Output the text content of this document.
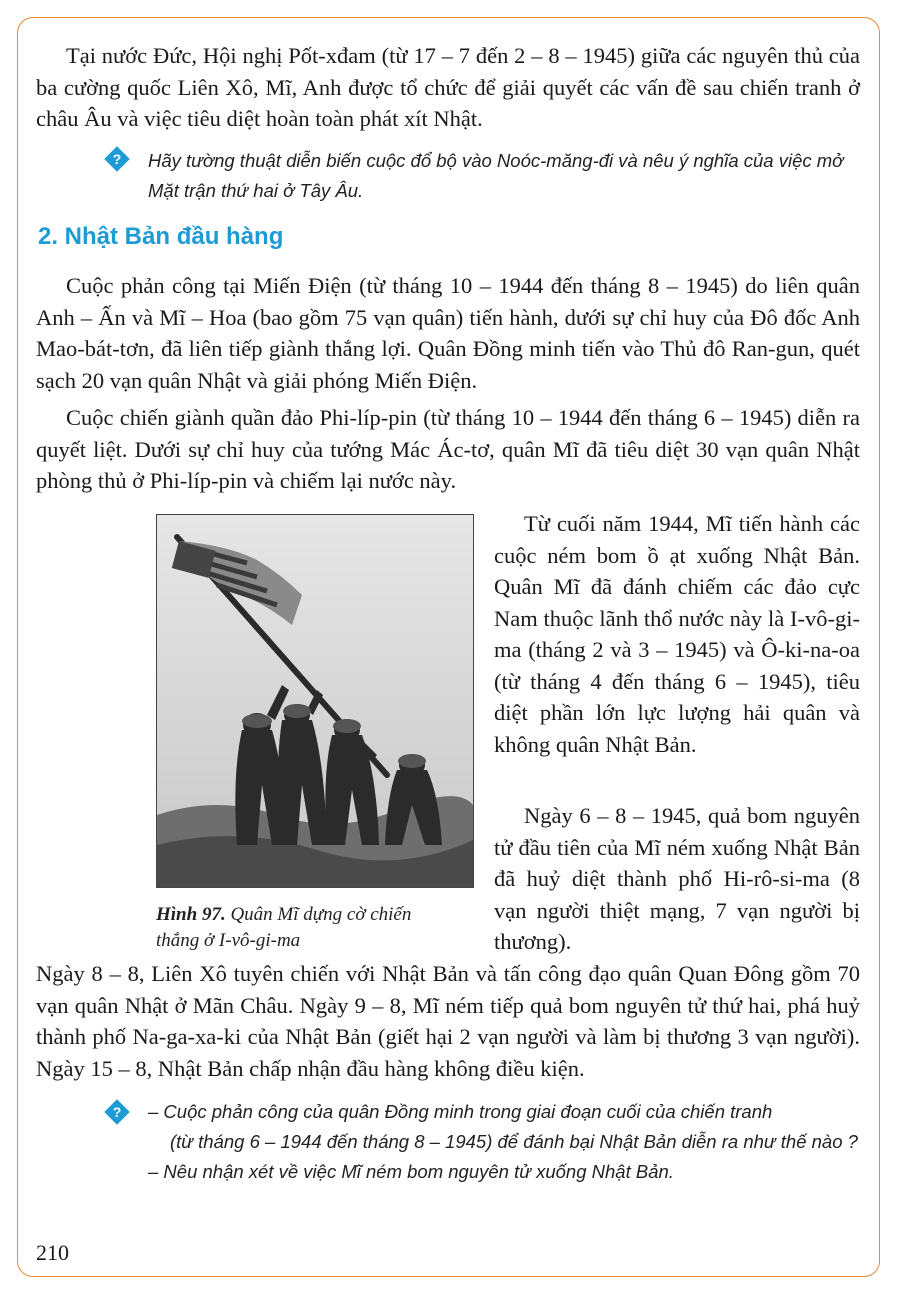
Tại nước Đức, Hội nghị Pốt-xđam (từ 17 – 7 đến 2 – 8 – 1945) giữa các nguyên thủ của ba cường quốc Liên Xô, Mĩ, Anh được tổ chức để giải quyết các vấn đề sau chiến tranh ở châu Âu và việc tiêu diệt hoàn toàn phát xít Nhật.

? Hãy tường thuật diễn biến cuộc đổ bộ vào Noóc-măng-đi và nêu ý nghĩa của việc mở Mặt trận thứ hai ở Tây Âu.

2. Nhật Bản đầu hàng

Cuộc phản công tại Miến Điện (từ tháng 10 – 1944 đến tháng 8 – 1945) do liên quân Anh – Ấn và Mĩ – Hoa (bao gồm 75 vạn quân) tiến hành, dưới sự chỉ huy của Đô đốc Anh Mao-bát-tơn, đã liên tiếp giành thắng lợi. Quân Đồng minh tiến vào Thủ đô Ran-gun, quét sạch 20 vạn quân Nhật và giải phóng Miến Điện.

Cuộc chiến giành quần đảo Phi-líp-pin (từ tháng 10 – 1944 đến tháng 6 – 1945) diễn ra quyết liệt. Dưới sự chỉ huy của tướng Mác Ác-tơ, quân Mĩ đã tiêu diệt 30 vạn quân Nhật phòng thủ ở Phi-líp-pin và chiếm lại nước này.

Hình 97. Quân Mĩ dựng cờ chiến thắng ở I-vô-gi-ma

Từ cuối năm 1944, Mĩ tiến hành các cuộc ném bom ồ ạt xuống Nhật Bản. Quân Mĩ đã đánh chiếm các đảo cực Nam thuộc lãnh thổ nước này là I-vô-gi-ma (tháng 2 và 3 – 1945) và Ô-ki-na-oa (từ tháng 4 đến tháng 6 – 1945), tiêu diệt phần lớn lực lượng hải quân và không quân Nhật Bản.

Ngày 6 – 8 – 1945, quả bom nguyên tử đầu tiên của Mĩ ném xuống Nhật Bản đã huỷ diệt thành phố Hi-rô-si-ma (8 vạn người thiệt mạng, 7 vạn người bị thương).

Ngày 8 – 8, Liên Xô tuyên chiến với Nhật Bản và tấn công đạo quân Quan Đông gồm 70 vạn quân Nhật ở Mãn Châu. Ngày 9 – 8, Mĩ ném tiếp quả bom nguyên tử thứ hai, phá huỷ thành phố Na-ga-xa-ki của Nhật Bản (giết hại 2 vạn người và làm bị thương 3 vạn người). Ngày 15 – 8, Nhật Bản chấp nhận đầu hàng không điều kiện.

? – Cuộc phản công của quân Đồng minh trong giai đoạn cuối của chiến tranh

(từ tháng 6 – 1944 đến tháng 8 – 1945) để đánh bại Nhật Bản diễn ra như thế nào ?

– Nêu nhận xét về việc Mĩ ném bom nguyên tử xuống Nhật Bản.

210
